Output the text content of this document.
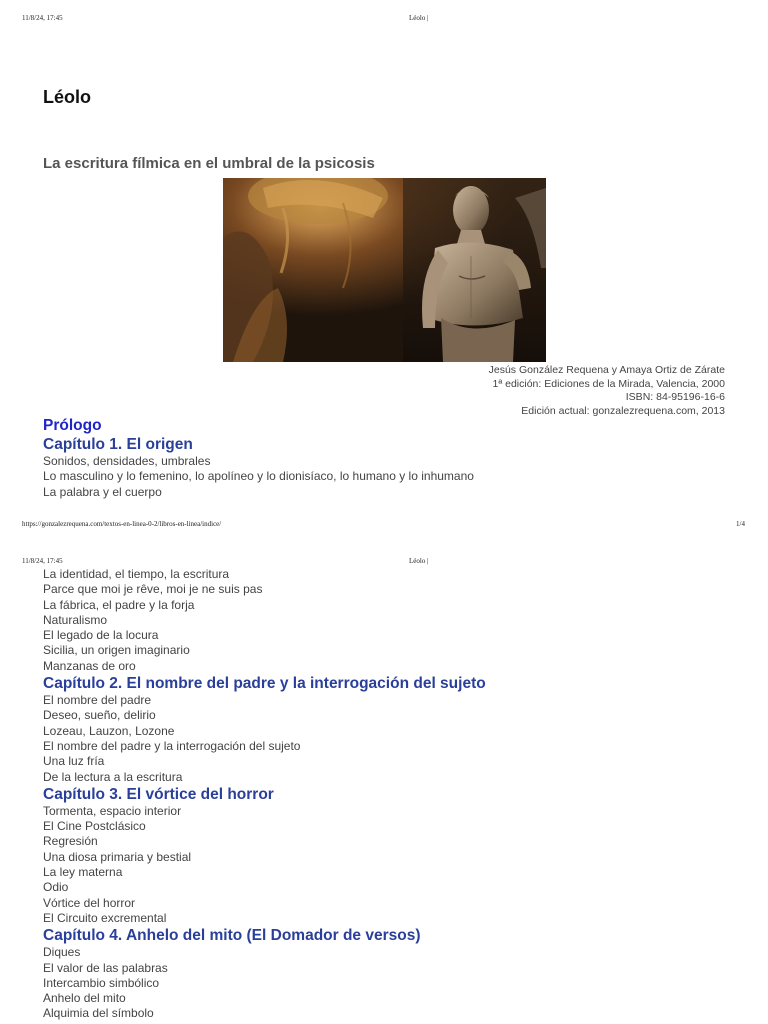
11/8/24, 17:45	Léolo |
Léolo
La escritura fílmica en el umbral de la psicosis
Jesús González Requena y Amaya Ortiz de Zárate
1ª edición: Ediciones de la Mirada, Valencia, 2000
ISBN: 84-95196-16-6
Edición actual: gonzalezrequena.com, 2013
Prólogo
Capítulo 1. El origen
Sonidos, densidades, umbrales
Lo masculino y lo femenino, lo apolíneo y lo dionisíaco, lo humano y lo inhumano
La palabra y el cuerpo
https://gonzalezrequena.com/textos-en-linea-0-2/libros-en-linea/indice/	1/4
11/8/24, 17:45	Léolo |
La identidad, el tiempo, la escritura
Parce que moi je rêve, moi je ne suis pas
La fábrica, el padre y la forja
Naturalismo
El legado de la locura
Sicilia, un origen imaginario
Manzanas de oro
Capítulo 2. El nombre del padre y la interrogación del sujeto
El nombre del padre
Deseo, sueño, delirio
Lozeau, Lauzon, Lozone
El nombre del padre y la interrogación del sujeto
Una luz fría
De la lectura a la escritura
Capítulo 3. El vórtice del horror
Tormenta, espacio interior
El Cine Postclásico
Regresión
Una diosa primaria y bestial
La ley materna
Odio
Vórtice del horror
El Circuito excremental
Capítulo 4. Anhelo del mito (El Domador de versos)
Diques
El valor de las palabras
Intercambio simbólico
Anhelo del mito
Alquimia del símbolo
